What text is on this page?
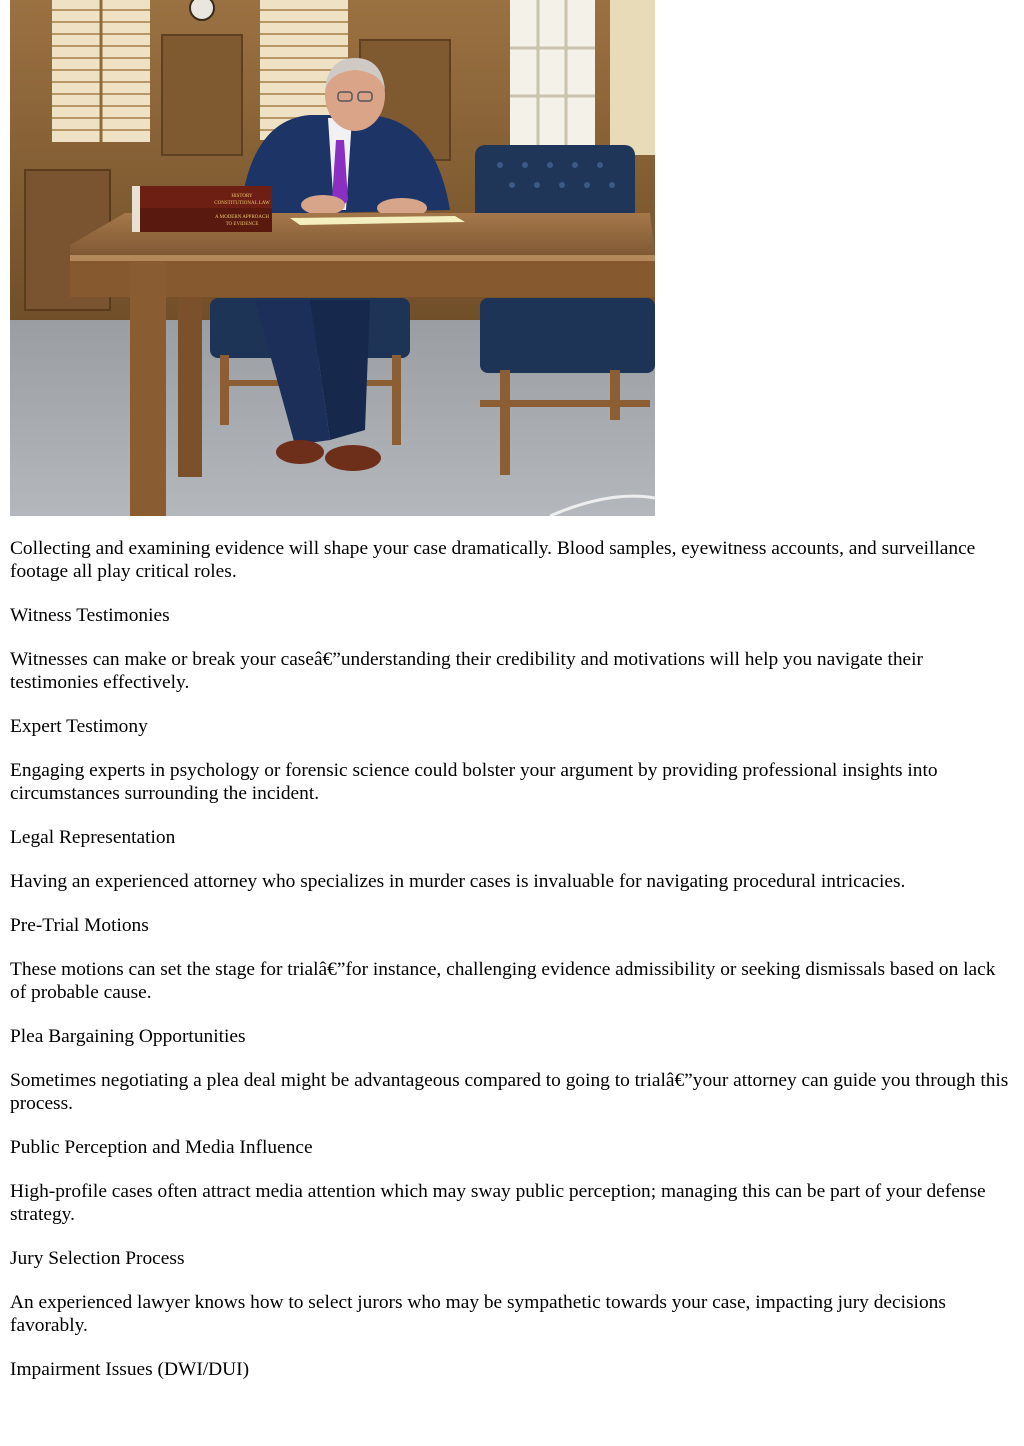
HISTORY
CONSTITUTIONAL LAW
A MODERN APPROACH
TO EVIDENCE

Collecting and examining evidence will shape your case dramatically. Blood samples, eyewitness accounts, and surveillance footage all play critical roles.

Witness Testimonies

Witnesses can make or break your caseâ€”understanding their credibility and motivations will help you navigate their testimonies effectively.

Expert Testimony

Engaging experts in psychology or forensic science could bolster your argument by providing professional insights into circumstances surrounding the incident.

Legal Representation

Having an experienced attorney who specializes in murder cases is invaluable for navigating procedural intricacies.

Pre-Trial Motions

These motions can set the stage for trialâ€”for instance, challenging evidence admissibility or seeking dismissals based on lack of probable cause.

Plea Bargaining Opportunities

Sometimes negotiating a plea deal might be advantageous compared to going to trialâ€”your attorney can guide you through this process.

Public Perception and Media Influence

High-profile cases often attract media attention which may sway public perception; managing this can be part of your defense strategy.

Jury Selection Process

An experienced lawyer knows how to select jurors who may be sympathetic towards your case, impacting jury decisions favorably.

Impairment Issues (DWI/DUI)
